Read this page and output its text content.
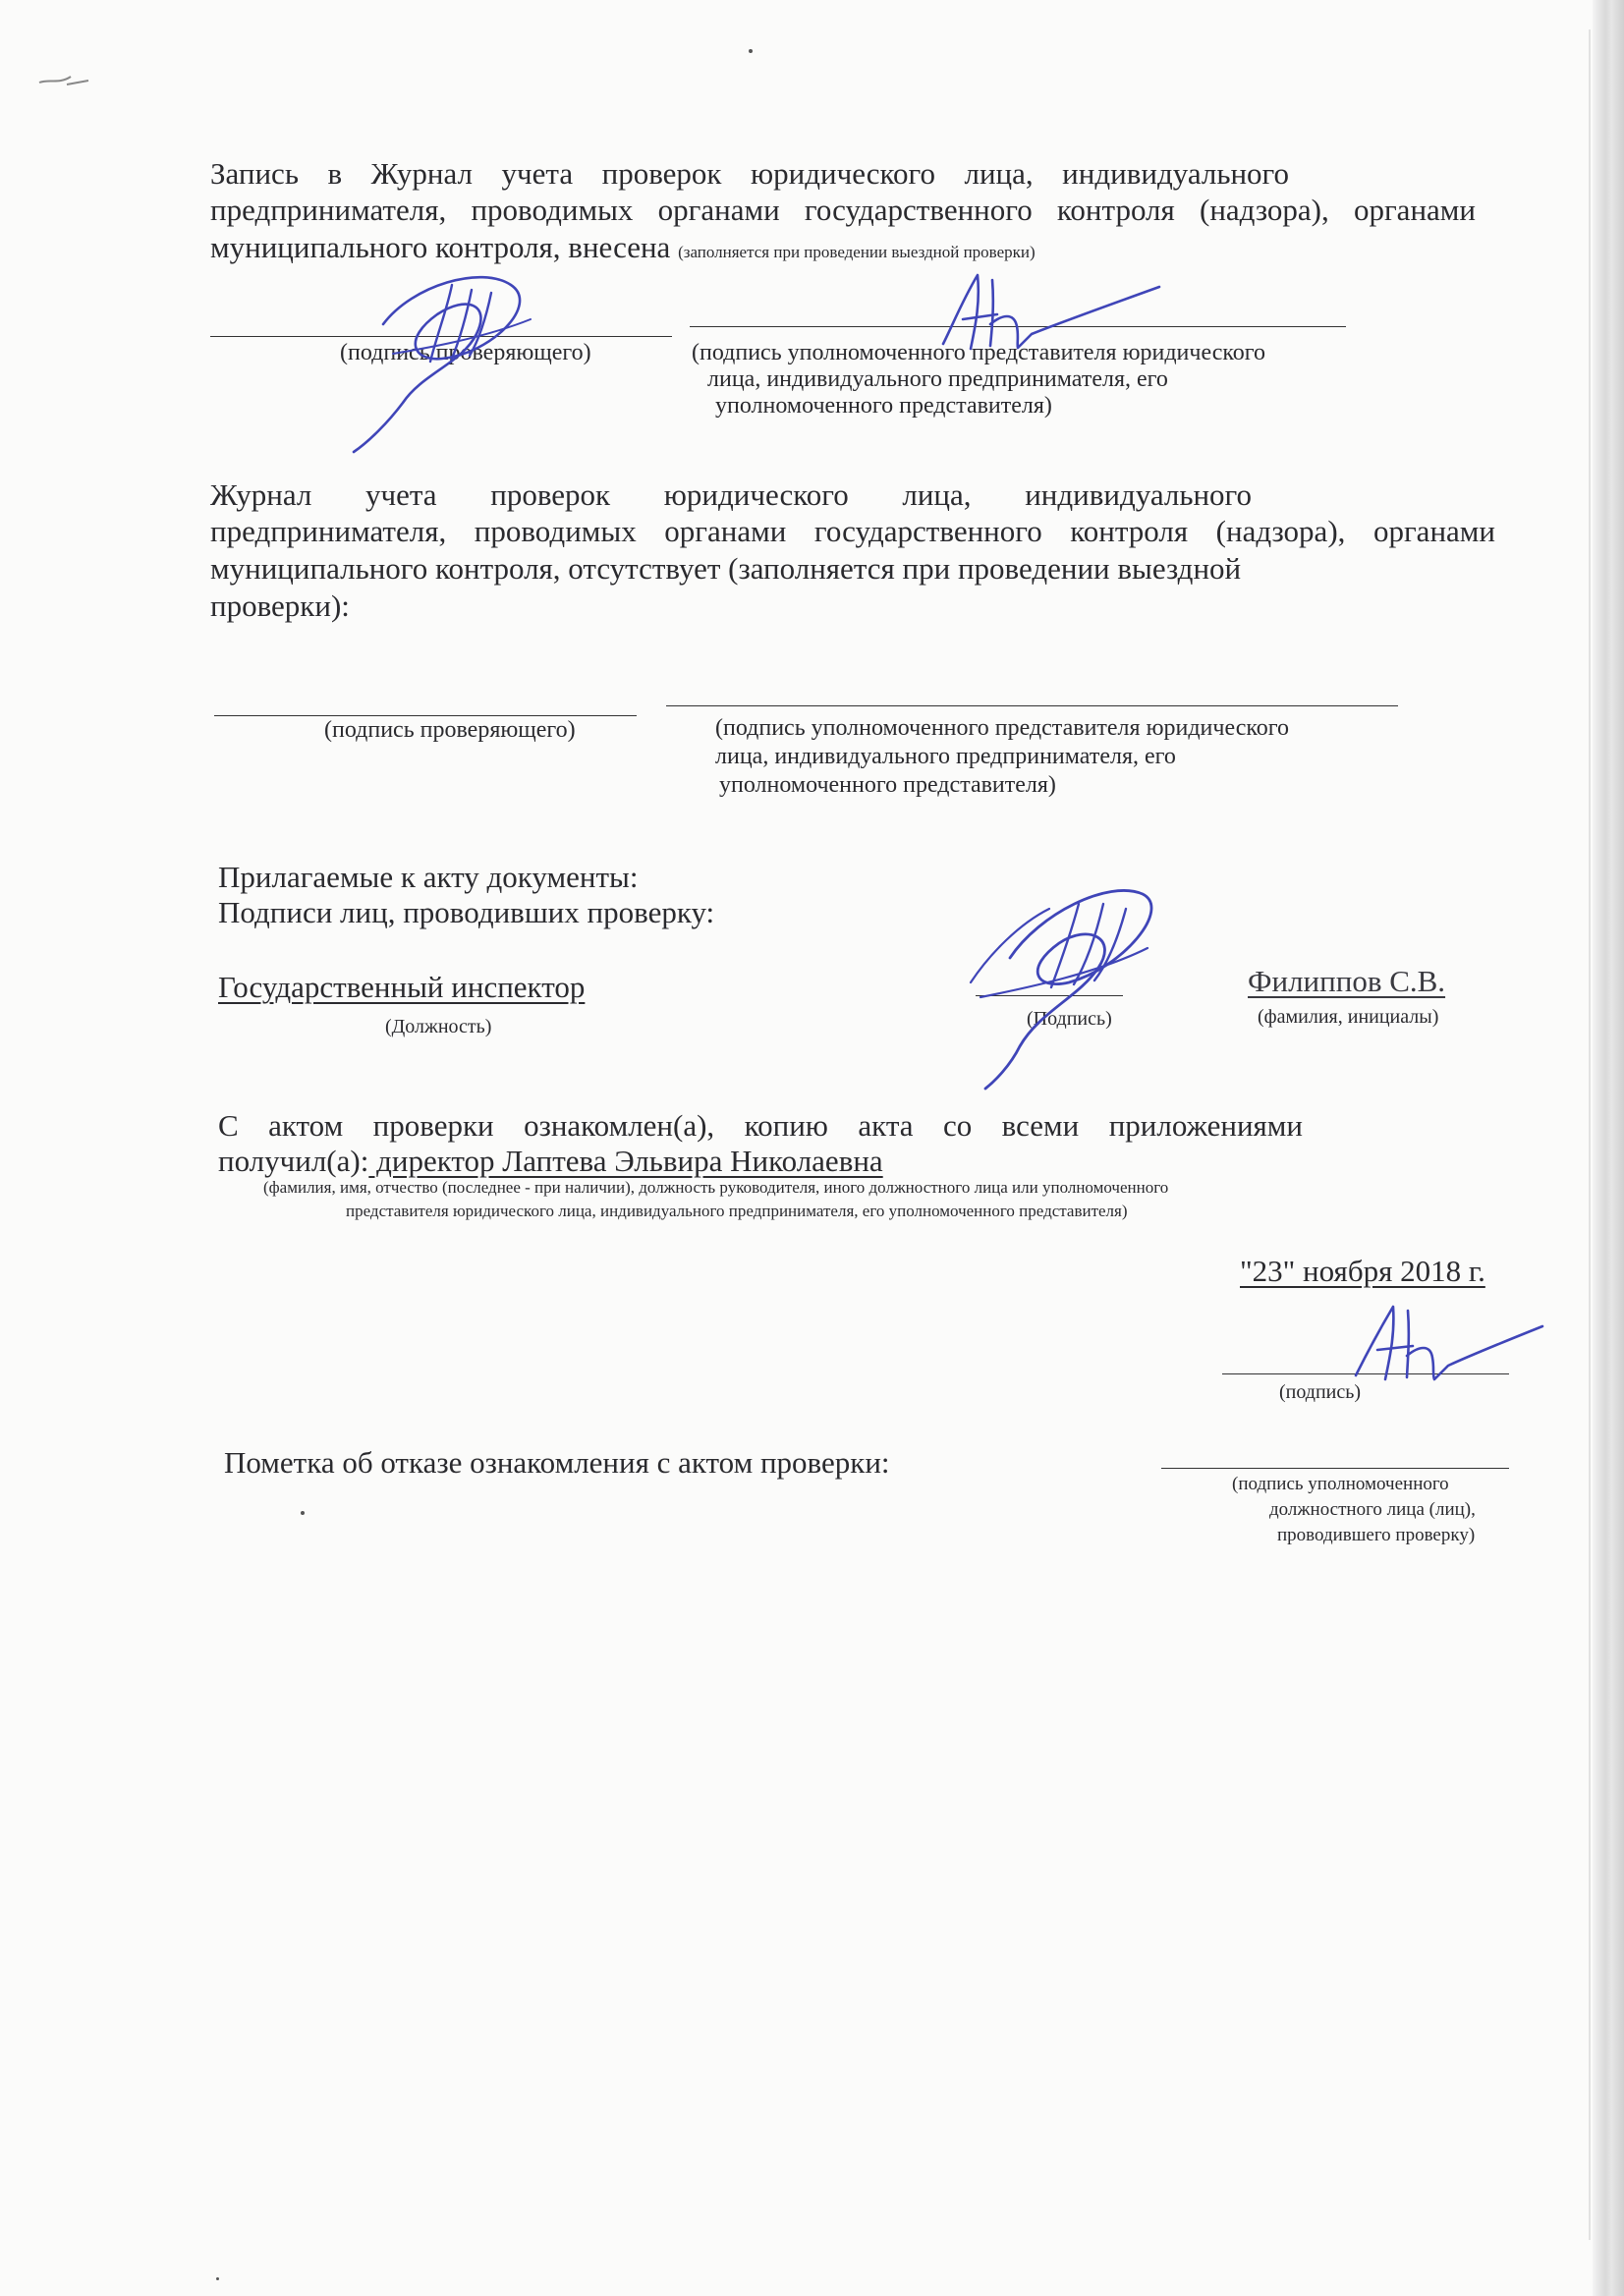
Запись в Журнал учета проверок юридического лица, индивидуального
предпринимателя, проводимых органами государственного контроля (надзора), органами
муниципального контроля, внесена (заполняется при проведении выездной проверки)
(подпись проверяющего)	(подпись уполномоченного представителя юридического
лица, индивидуального предпринимателя, его
уполномоченного представителя)
Журнал учета проверок юридического лица, индивидуального
предпринимателя, проводимых органами государственного контроля (надзора), органами
муниципального контроля, отсутствует (заполняется при проведении выездной
проверки):
(подпись проверяющего)	(подпись уполномоченного представителя юридического
лица, индивидуального предпринимателя, его
уполномоченного представителя)
Прилагаемые к акту документы:
Подписи лиц, проводивших проверку:
Государственный инспектор
(Должность)	(Подпись)
Филиппов С.В.
(фамилия, инициалы)
С актом проверки ознакомлен(а), копию акта со всеми приложениями
получил(а): директор Лаптева Эльвира Николаевна
(фамилия, имя, отчество (последнее - при наличии), должность руководителя, иного должностного лица или уполномоченного
представителя юридического лица, индивидуального предпринимателя, его уполномоченного представителя)
"23" ноября 2018 г.
(подпись)
Пометка об отказе ознакомления с актом проверки:
(подпись уполномоченного
должностного лица (лиц),
проводившего проверку)
